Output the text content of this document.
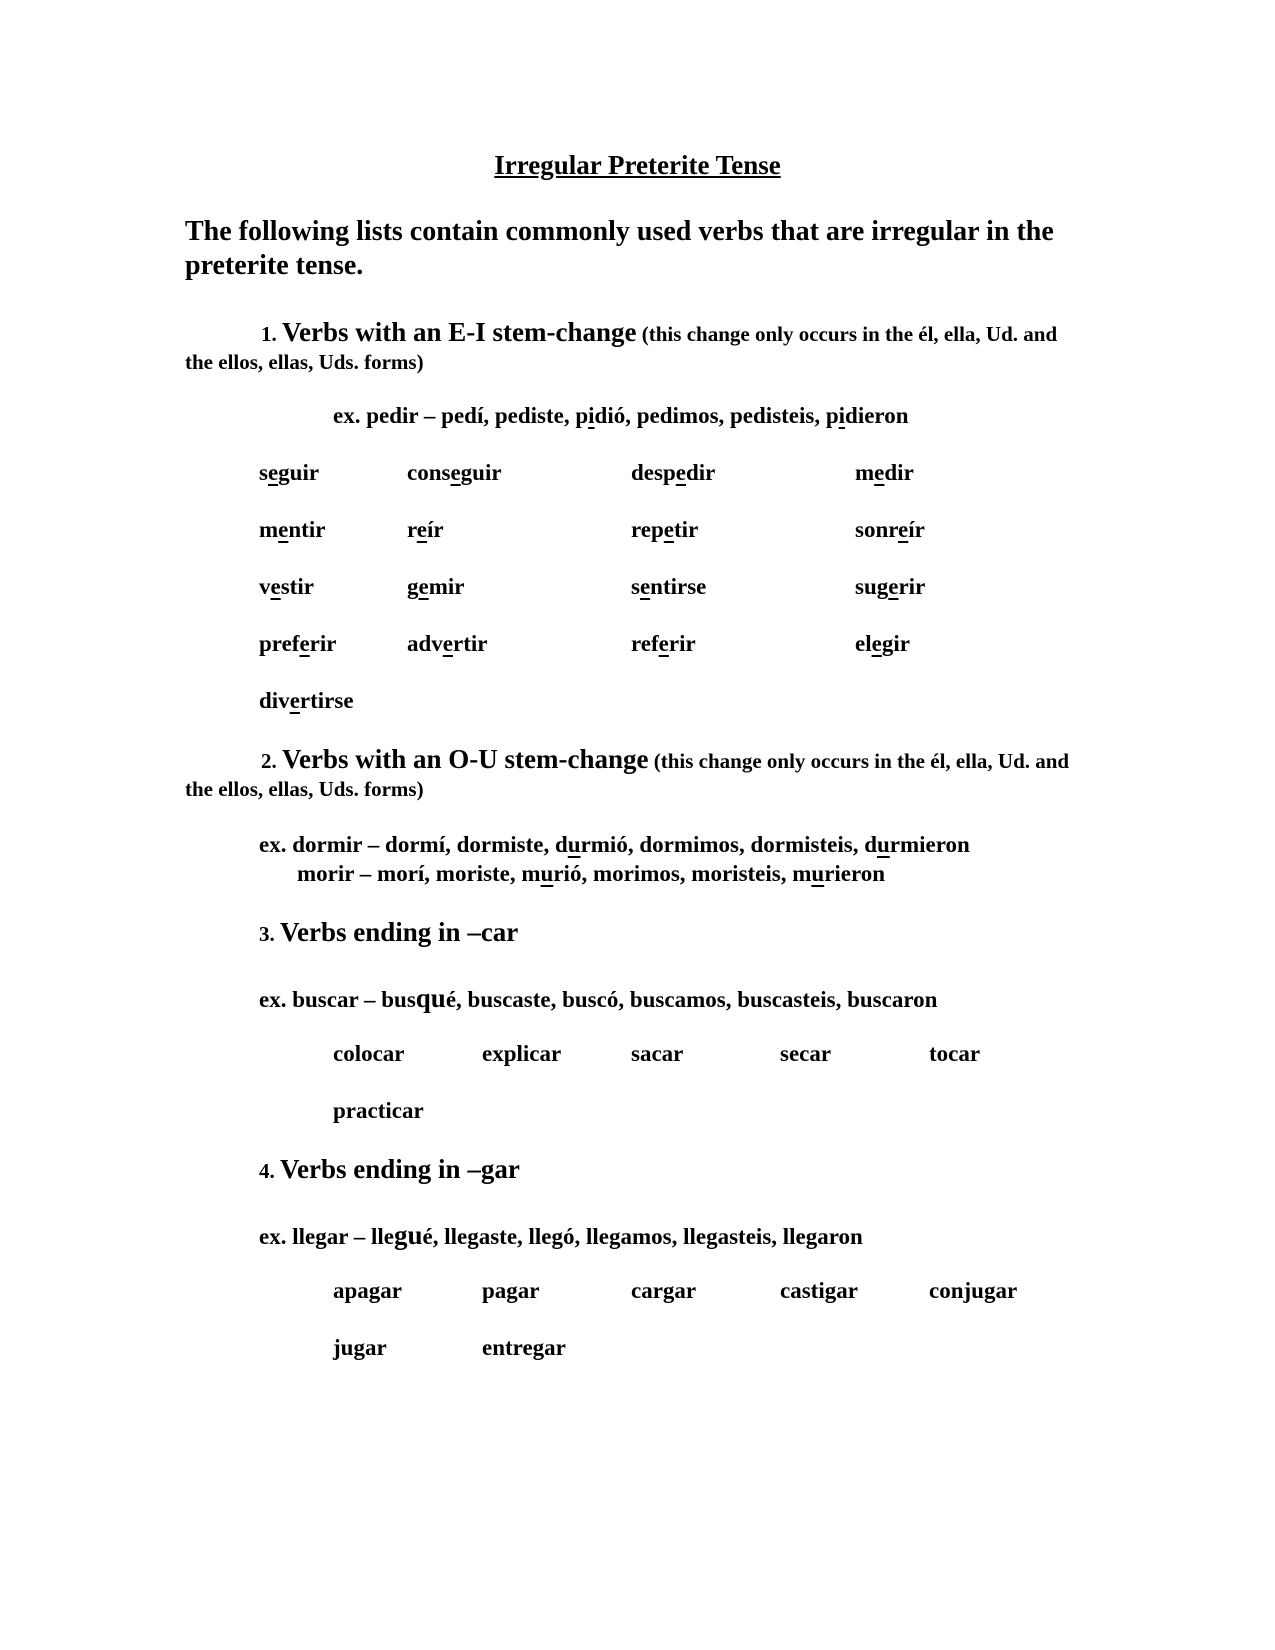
Irregular Preterite Tense
The following lists contain commonly used verbs that are irregular in the preterite tense.
1. Verbs with an E-I stem-change (this change only occurs in the él, ella, Ud. and the ellos, ellas, Uds. forms)
ex. pedir – pedí, pediste, pidió, pedimos, pedisteis, pidieron
seguir	conseguir	despedir	medir
mentir	reír	repetir	sonreír
vestir	gemir	sentirse	sugerir
preferir	advertir	referir	elegir
divertirse
2. Verbs with an O-U stem-change (this change only occurs in the él, ella, Ud. and the ellos, ellas, Uds. forms)
ex. dormir – dormí, dormiste, durmió, dormimos, dormisteis, durmieron
morir – morí, moriste, murió, morimos, moristeis, murieron
3. Verbs ending in –car
ex. buscar – busqué, buscaste, buscó, buscamos, buscasteis, buscaron
colocar	explicar	sacar	secar	tocar
practicar
4. Verbs ending in –gar
ex. llegar – llegué, llegaste, llegó, llegamos, llegasteis, llegaron
apagar	pagar	cargar	castigar	conjugar
jugar	entregar
